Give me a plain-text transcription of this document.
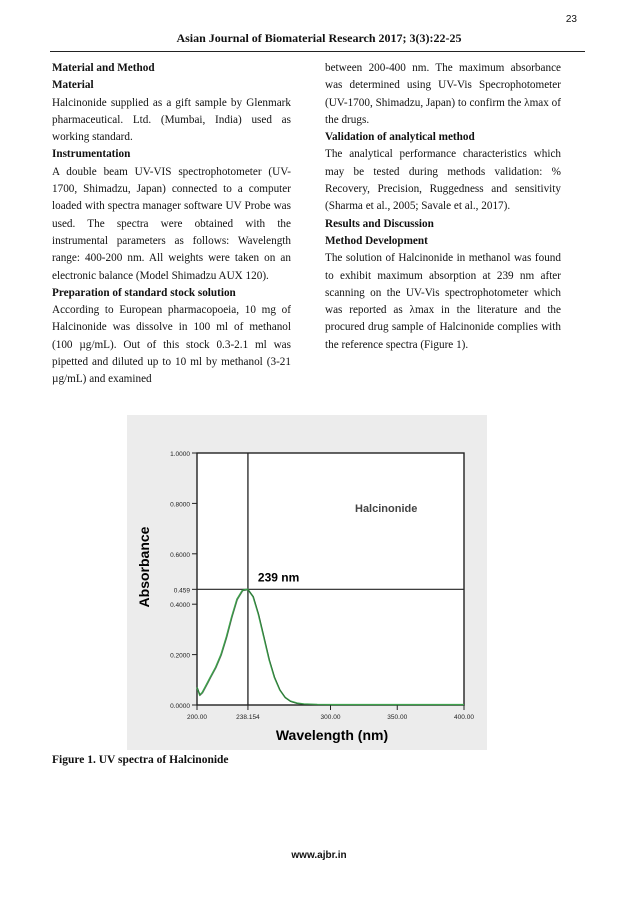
23
Asian Journal of Biomaterial Research 2017; 3(3):22-25
Material and Method
Material

Halcinonide supplied as a gift sample by Glenmark pharmaceutical. Ltd. (Mumbai, India) used as working standard.

Instrumentation

A double beam UV-VIS spectrophotometer (UV-1700, Shimadzu, Japan) connected to a computer loaded with spectra manager software UV Probe was used. The spectra were obtained with the instrumental parameters as follows: Wavelength range: 400-200 nm. All weights were taken on an electronic balance (Model Shimadzu AUX 120).

Preparation of standard stock solution

According to European pharmacopoeia, 10 mg of Halcinonide was dissolve in 100 ml of methanol (100 µg/mL). Out of this stock 0.3-2.1 ml was pipetted and diluted up to 10 ml by methanol (3-21 µg/mL) and examined

between 200-400 nm. The maximum absorbance was determined using UV-Vis Specrophotometer (UV-1700, Shimadzu, Japan) to confirm the λmax of the drugs.

Validation of analytical method

The analytical performance characteristics which may be tested during methods validation: % Recovery, Precision, Ruggedness and sensitivity (Sharma et al., 2005; Savale et al., 2017).

Results and Discussion
Method Development

The solution of Halcinonide in methanol was found to exhibit maximum absorption at 239 nm after scanning on the UV-Vis spectrophotometer which was reported as λmax in the literature and the procured drug sample of Halcinonide complies with the reference spectra (Figure 1).

0.0000
0.2000
0.4000
0.459
0.6000
0.8000
1.0000
200.00	238.154	300.00	350.00	400.00
239 nm
Halcinonide
Wavelength (nm)
Absorbance
Figure 1. UV spectra of Halcinonide
www.ajbr.in
